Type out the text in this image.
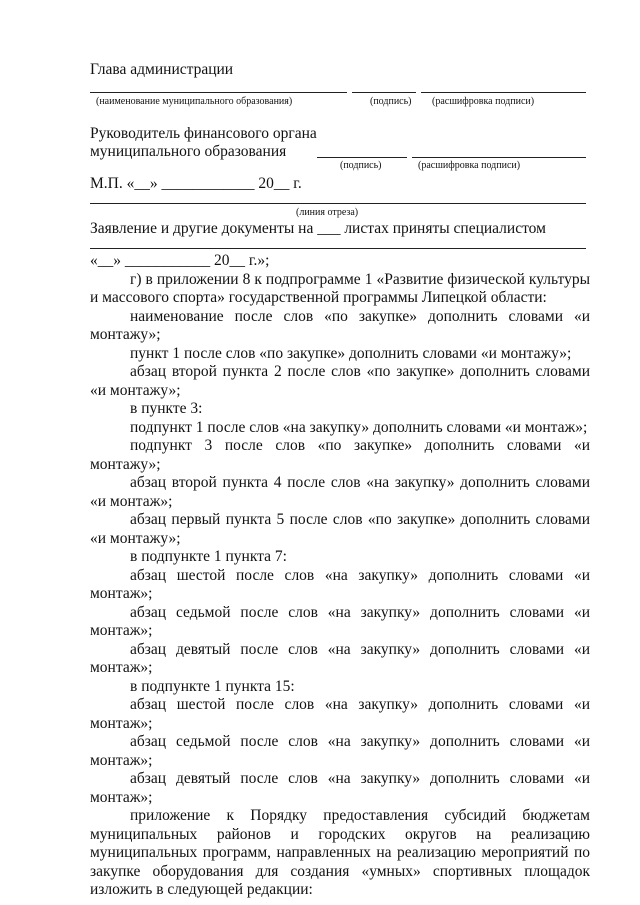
Глава администрации
(наименование муниципального образования)	(подпись) (расшифровка подписи)
Руководитель финансового органа
муниципального образования
(подпись)	(расшифровка подписи)
М.П. «__» ____________ 20__ г.
(линия отреза)
Заявление и другие документы на ___ листах приняты специалистом

«__» ___________ 20__ г.»;

г) в приложении 8 к подпрограмме 1 «Развитие физической культуры и массового спорта» государственной программы Липецкой области:

наименование после слов «по закупке» дополнить словами «и монтажу»;

пункт 1 после слов «по закупке» дополнить словами «и монтажу»;

абзац второй пункта 2 после слов «по закупке» дополнить словами «и монтажу»;

в пункте 3:

подпункт 1 после слов «на закупку» дополнить словами «и монтаж»;

подпункт 3 после слов «по закупке» дополнить словами «и монтажу»;

абзац второй пункта 4 после слов «на закупку» дополнить словами «и монтаж»;

абзац первый пункта 5 после слов «по закупке» дополнить словами «и монтажу»;

в подпункте 1 пункта 7:

абзац шестой после слов «на закупку» дополнить словами «и монтаж»;

абзац седьмой после слов «на закупку» дополнить словами «и монтаж»;

абзац девятый после слов «на закупку» дополнить словами «и монтаж»;

в подпункте 1 пункта 15:

абзац шестой после слов «на закупку» дополнить словами «и монтаж»;

абзац седьмой после слов «на закупку» дополнить словами «и монтаж»;

абзац девятый после слов «на закупку» дополнить словами «и монтаж»;

приложение к Порядку предоставления субсидий бюджетам муниципальных районов и городских округов на реализацию муниципальных программ, направленных на реализацию мероприятий по закупке оборудования для создания «умных» спортивных площадок изложить в следующей редакции:
